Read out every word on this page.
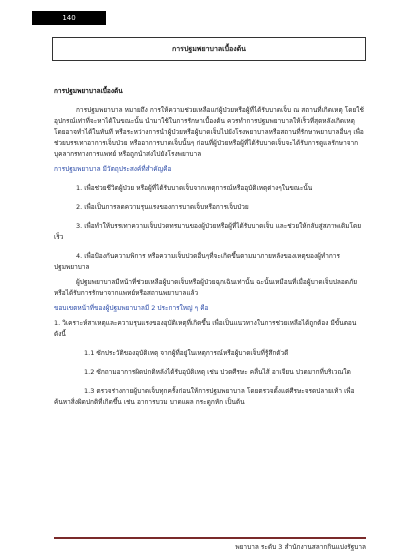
140
การปฐมพยาบาลเบื้องต้น

การปฐมพยาบาลเบื้องต้น

การปฐมพยาบาล หมายถึง การให้ความช่วยเหลือแก่ผู้ป่วยหรือผู้ที่ได้รับบาดเจ็บ ณ สถานที่เกิดเหตุ โดยใช้อุปกรณ์เท่าที่จะหาได้ในขณะนั้น นำมาใช้ในการรักษาเบื้องต้น ควรทำการปฐมพยาบาลให้เร็วที่สุดหลังเกิดเหตุโดยอาจทำได้ในทันที หรือระหว่างการนำผู้ป่วยหรือผู้บาดเจ็บไปยังโรงพยาบาลหรือสถานที่รักษาพยาบาลอื่นๆ เพื่อช่วยบรรเทาอาการเจ็บป่วย หรืออาการบาดเจ็บนั้นๆ ก่อนที่ผู้ป่วยหรือผู้ที่ได้รับบาดเจ็บจะได้รับการดูแลรักษาจากบุคลากรทางการแพทย์ หรือถูกนำส่งไปยังโรงพยาบาล

การปฐมพยาบาล มีวัตถุประสงค์ที่สำคัญคือ

1. เพื่อช่วยชีวิตผู้ป่วย หรือผู้ที่ได้รับบาดเจ็บจากเหตุการณ์หรืออุบัติเหตุต่างๆในขณะนั้น

2. เพื่อเป็นการลดความรุนแรงของการบาดเจ็บหรือการเจ็บป่วย

3. เพื่อทำให้บรรเทาความเจ็บปวดทรมานของผู้ป่วยหรือผู้ที่ได้รับบาดเจ็บ และช่วยให้กลับสู่สภาพเดิมโดยเร็ว

4. เพื่อป้องกันความพิการ หรือความเจ็บปวดอื่นๆที่จะเกิดขึ้นตามมาภายหลังของเหตุของผู้ทำการปฐมพยาบาล

ผู้ปฐมพยาบาลมีหน้าที่ช่วยเหลือผู้บาดเจ็บหรือผู้ป่วยฉุกเฉินเท่านั้น ฉะนั้นเหมือนที่เมื่อผู้บาดเจ็บปลอดภัยหรือได้รับการรักษาจากแพทย์หรือสถานพยาบาลแล้ว

ขอบเขตหน้าที่ของผู้ปฐมพยาบาลมี 2 ประการใหญ่ ๆ คือ

1. วิเคราะห์สาเหตุและความรุนแรงของอุบัติเหตุที่เกิดขึ้น เพื่อเป็นแนวทางในการช่วยเหลือได้ถูกต้อง มีขั้นตอนดังนี้

1.1 ซักประวัติของอุบัติเหตุ จากผู้ที่อยู่ในเหตุการณ์หรือผู้บาดเจ็บที่รู้สึกตัวดี

1.2 ซักถามอาการผิดปกติหลังได้รับอุบัติเหตุ เช่น ปวดศีรษะ คลื่นไส้ อาเจียน ปวดมากที่บริเวณใด

1.3 ตรวจร่างกายผู้บาดเจ็บทุกครั้งก่อนให้การปฐมพยาบาล โดยตรวจตั้งแต่ศีรษะจรดปลายเท้า เพื่อค้นหาสิ่งผิดปกติที่เกิดขึ้น เช่น อาการบวม บาดแผล กระดูกหัก เป็นต้น

พยาบาล ระดับ 3 สำนักงานสลากกินแบ่งรัฐบาล
